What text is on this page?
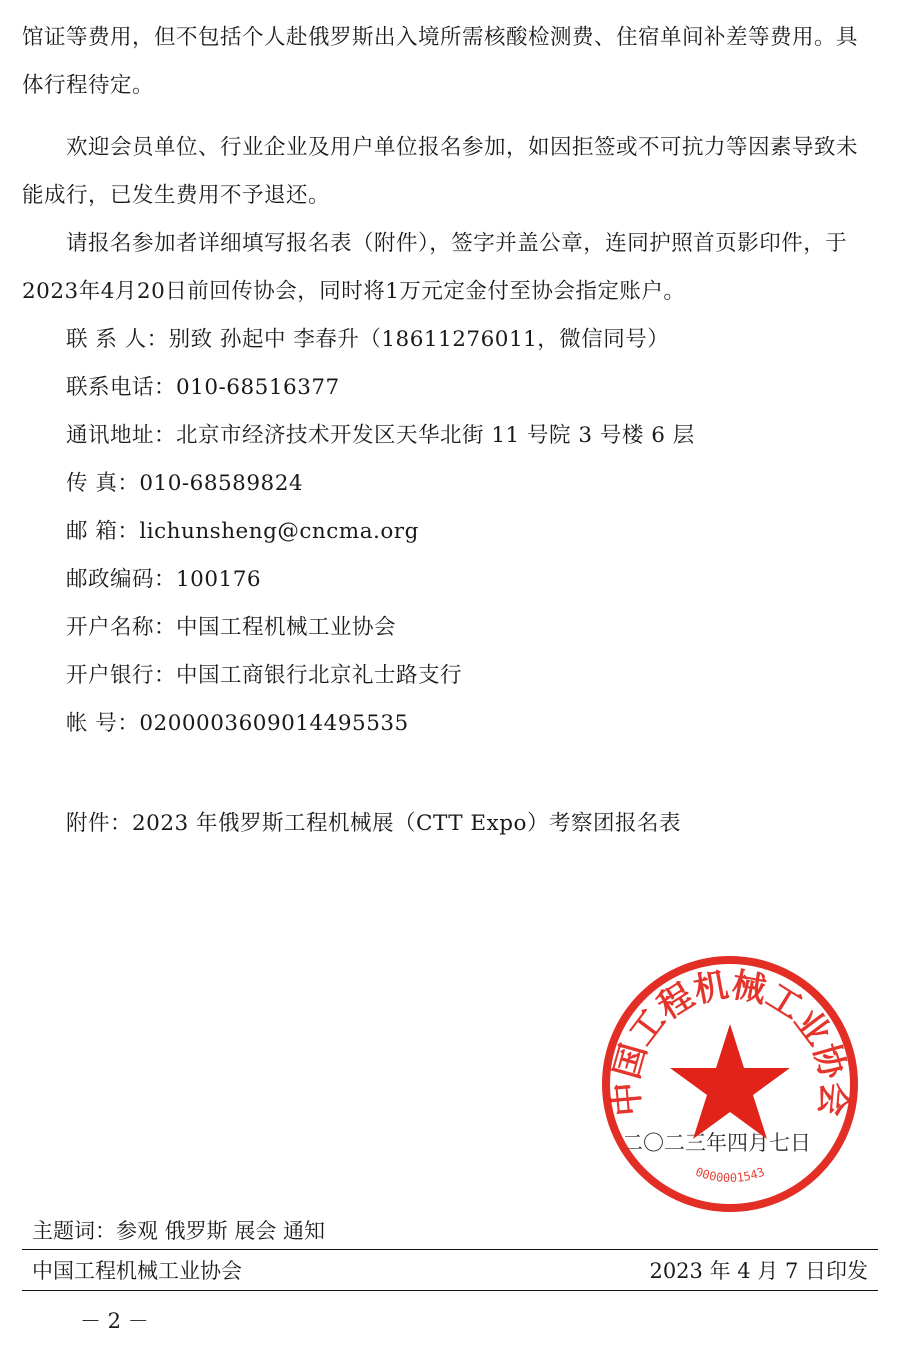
馆证等费用，但不包括个人赴俄罗斯出入境所需核酸检测费、住宿单间补差等费用。具体行程待定。

欢迎会员单位、行业企业及用户单位报名参加，如因拒签或不可抗力等因素导致未能成行，已发生费用不予退还。

请报名参加者详细填写报名表（附件），签字并盖公章，连同护照首页影印件，于2023年4月20日前回传协会，同时将1万元定金付至协会指定账户。

联 系 人：别致 孙起中 李春升（18611276011，微信同号）
联系电话：010-68516377
通讯地址：北京市经济技术开发区天华北街 11 号院 3 号楼 6 层
传 真：010-68589824
邮 箱：lichunsheng@cncma.org
邮政编码：100176
开户名称：中国工程机械工业协会
开户银行：中国工商银行北京礼士路支行
帐 号：0200003609014495535
附件：2023 年俄罗斯工程机械展（CTT Expo）考察团报名表
二〇二三年四月七日
中国工程机械工业协会
0000001543
主题词：参观 俄罗斯 展会 通知
中国工程机械工业协会	2023 年 4 月 7 日印发
－ 2 －
